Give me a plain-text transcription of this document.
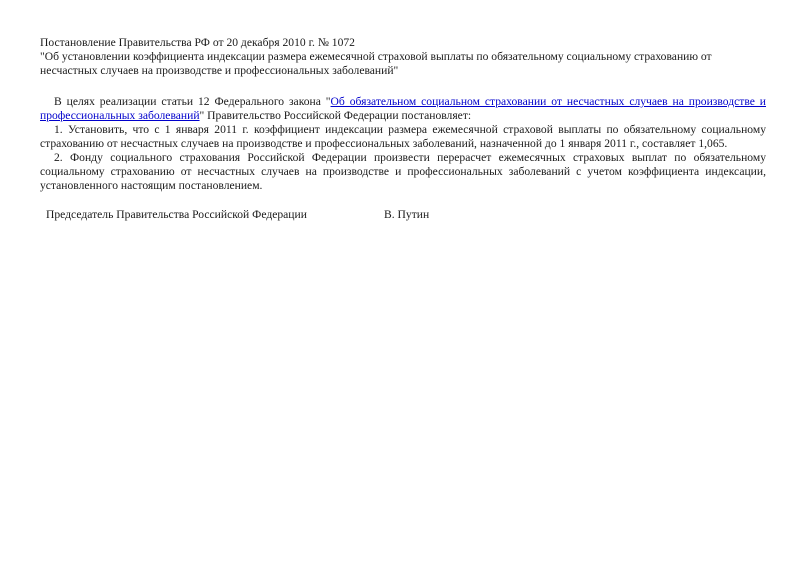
Постановление Правительства РФ от 20 декабря 2010 г. № 1072
"Об установлении коэффициента индексации размера ежемесячной страховой выплаты по обязательному социальному страхованию от несчастных случаев на производстве и профессиональных заболеваний"

В целях реализации статьи 12 Федерального закона "Об обязательном социальном страховании от несчастных случаев на производстве и профессиональных заболеваний" Правительство Российской Федерации постановляет:

1. Установить, что с 1 января 2011 г. коэффициент индексации размера ежемесячной страховой выплаты по обязательному социальному страхованию от несчастных случаев на производстве и профессиональных заболеваний, назначенной до 1 января 2011 г., составляет 1,065.

2. Фонду социального страхования Российской Федерации произвести перерасчет ежемесячных страховых выплат по обязательному социальному страхованию от несчастных случаев на производстве и профессиональных заболеваний с учетом коэффициента индексации, установленного настоящим постановлением.

Председатель Правительства Российской Федерации	В. Путин
